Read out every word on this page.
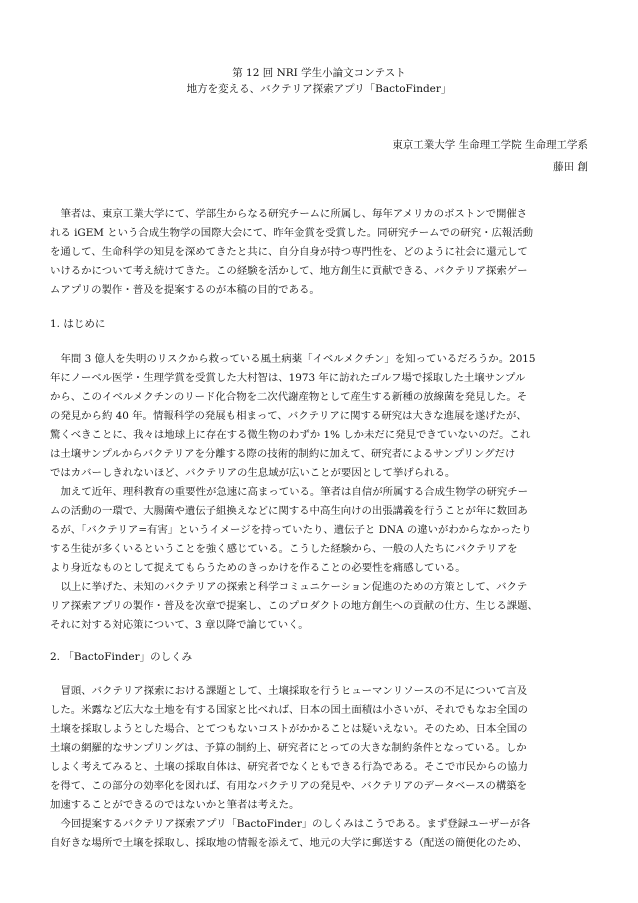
第 12 回 NRI 学生小論文コンテスト
地方を変える、バクテリア探索アプリ「BactoFinder」
東京工業大学 生命理工学院 生命理工学系
藤田 創
筆者は、東京工業大学にて、学部生からなる研究チームに所属し、毎年アメリカのボストンで開催さ
れる iGEM という合成生物学の国際大会にて、昨年金賞を受賞した。同研究チームでの研究・広報活動
を通して、生命科学の知見を深めてきたと共に、自分自身が持つ専門性を、どのように社会に還元して
いけるかについて考え続けてきた。この経験を活かして、地方創生に貢献できる、バクテリア探索ゲー
ムアプリの製作・普及を提案するのが本稿の目的である。
1. はじめに
年間 3 億人を失明のリスクから救っている風土病薬「イベルメクチン」を知っているだろうか。2015
年にノーベル医学・生理学賞を受賞した大村智は、1973 年に訪れたゴルフ場で採取した土壌サンプル
から、このイベルメクチンのリード化合物を二次代謝産物として産生する新種の放線菌を発見した。そ
の発見から約 40 年。情報科学の発展も相まって、バクテリアに関する研究は大きな進展を遂げたが、
驚くべきことに、我々は地球上に存在する微生物のわずか 1% しか未だに発見できていないのだ。これ
は土壌サンプルからバクテリアを分離する際の技術的制約に加えて、研究者によるサンプリングだけ
ではカバーしきれないほど、バクテリアの生息域が広いことが要因として挙げられる。
加えて近年、理科教育の重要性が急速に高まっている。筆者は自信が所属する合成生物学の研究チー
ムの活動の一環で、大腸菌や遺伝子組換えなどに関する中高生向けの出張講義を行うことが年に数回あ
るが、「バクテリア=有害」というイメージを持っていたり、遺伝子と DNA の違いがわからなかったり
する生徒が多くいるということを強く感じている。こうした経験から、一般の人たちにバクテリアを
より身近なものとして捉えてもらうためのきっかけを作ることの必要性を痛感している。
以上に挙げた、未知のバクテリアの探索と科学コミュニケーション促進のための方策として、バクテ
リア探索アプリの製作・普及を次章で提案し、このプロダクトの地方創生への貢献の仕方、生じる課題、
それに対する対応策について、3 章以降で論じていく。
2. 「BactoFinder」のしくみ
冒頭、バクテリア探索における課題として、土壌採取を行うヒューマンリソースの不足について言及
した。米露など広大な土地を有する国家と比べれば、日本の国土面積は小さいが、それでもなお全国の
土壌を採取しようとした場合、とてつもないコストがかかることは疑いえない。そのため、日本全国の
土壌の網羅的なサンプリングは、予算の制約上、研究者にとっての大きな制約条件となっている。しか
しよく考えてみると、土壌の採取自体は、研究者でなくともできる行為である。そこで市民からの協力
を得て、この部分の効率化を図れば、有用なバクテリアの発見や、バクテリアのデータベースの構築を
加速することができるのではないかと筆者は考えた。
今回提案するバクテリア探索アプリ「BactoFinder」のしくみはこうである。まず登録ユーザーが各
自好きな場所で土壌を採取し、採取地の情報を添えて、地元の大学に郵送する（配送の簡便化のため、
